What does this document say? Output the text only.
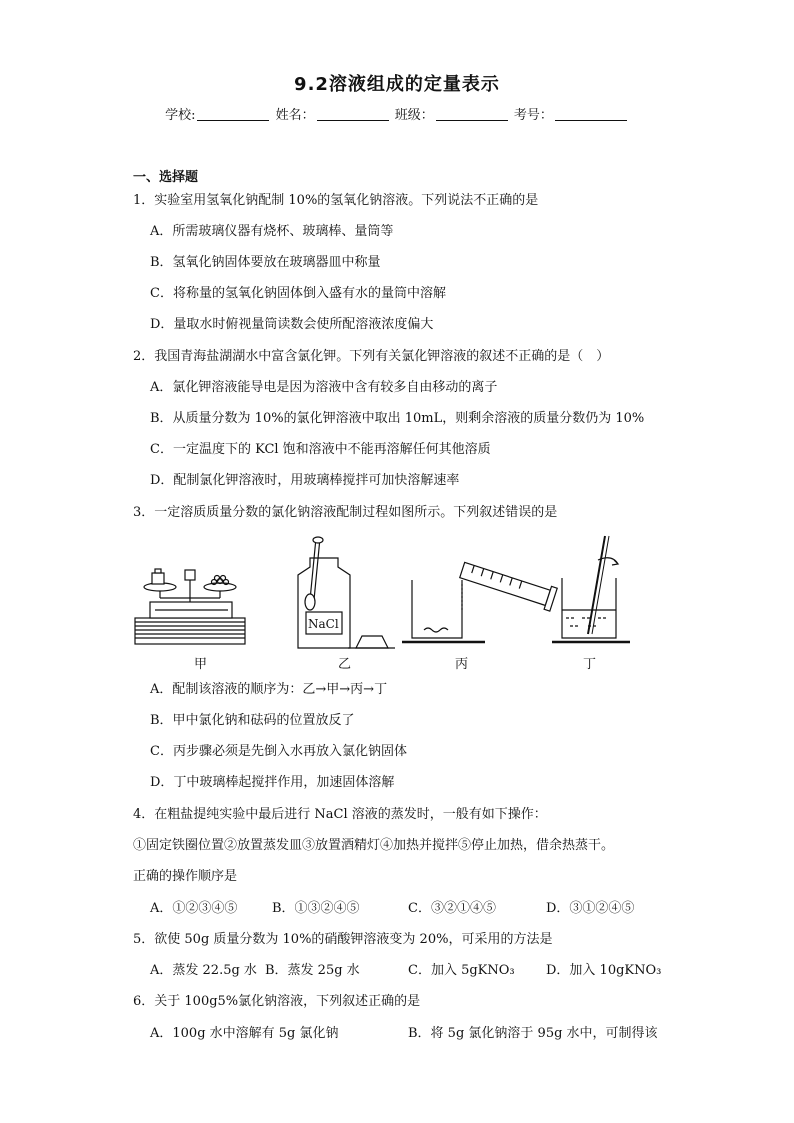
9.2溶液组成的定量表示
学校:	姓名：	班级：	考号：
一、选择题
1．实验室用氢氧化钠配制 10%的氢氧化钠溶液。下列说法不正确的是
A．所需玻璃仪器有烧杯、玻璃棒、量筒等
B．氢氧化钠固体要放在玻璃器皿中称量
C．将称量的氢氧化钠固体倒入盛有水的量筒中溶解
D．量取水时俯视量筒读数会使所配溶液浓度偏大
2．我国青海盐湖湖水中富含氯化钾。下列有关氯化钾溶液的叙述不正确的是（　）
A．氯化钾溶液能导电是因为溶液中含有较多自由移动的离子
B．从质量分数为 10%的氯化钾溶液中取出 10mL，则剩余溶液的质量分数仍为 10%
C．一定温度下的 KCl 饱和溶液中不能再溶解任何其他溶质
D．配制氯化钾溶液时，用玻璃棒搅拌可加快溶解速率
3．一定溶质质量分数的氯化钠溶液配制过程如图所示。下列叙述错误的是
NaCl
甲	乙	丙	丁
A．配制该溶液的顺序为：乙→甲→丙→丁
B．甲中氯化钠和砝码的位置放反了
C．丙步骤必须是先倒入水再放入氯化钠固体
D．丁中玻璃棒起搅拌作用，加速固体溶解
4．在粗盐提纯实验中最后进行 NaCl 溶液的蒸发时，一般有如下操作：
①固定铁圈位置②放置蒸发皿③放置酒精灯④加热并搅拌⑤停止加热，借余热蒸干。
正确的操作顺序是
A．①②③④⑤	B．①③②④⑤	C．③②①④⑤	D．③①②④⑤
5．欲使 50g 质量分数为 10%的硝酸钾溶液变为 20%，可采用的方法是
A．蒸发 22.5g 水 B．蒸发 25g 水	C．加入 5gKNO₃ D．加入 10gKNO₃
6．关于 100g5%氯化钠溶液，下列叙述正确的是
A．100g 水中溶解有 5g 氯化钠	B．将 5g 氯化钠溶于 95g 水中，可制得该
